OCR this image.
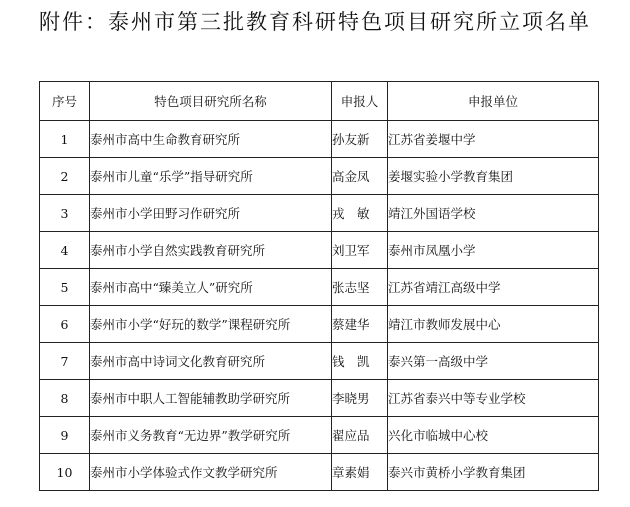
附件：泰州市第三批教育科研特色项目研究所立项名单
序号	特色项目研究所名称	申报人	申报单位
1	泰州市高中生命教育研究所	孙友新	江苏省姜堰中学
2	泰州市儿童“乐学”指导研究所	高金凤	姜堰实验小学教育集团
3	泰州市小学田野习作研究所	戎　敏	靖江外国语学校
4	泰州市小学自然实践教育研究所	刘卫军	泰州市凤凰小学
5	泰州市高中“臻美立人”研究所	张志坚	江苏省靖江高级中学
6	泰州市小学“好玩的数学”课程研究所	蔡建华	靖江市教师发展中心
7	泰州市高中诗词文化教育研究所	钱　凯	泰兴第一高级中学
8	泰州市中职人工智能辅教助学研究所	李晓男	江苏省泰兴中等专业学校
9	泰州市义务教育“无边界”教学研究所	翟应品	兴化市临城中心校
10	泰州市小学体验式作文教学研究所	章素娟	泰兴市黄桥小学教育集团
